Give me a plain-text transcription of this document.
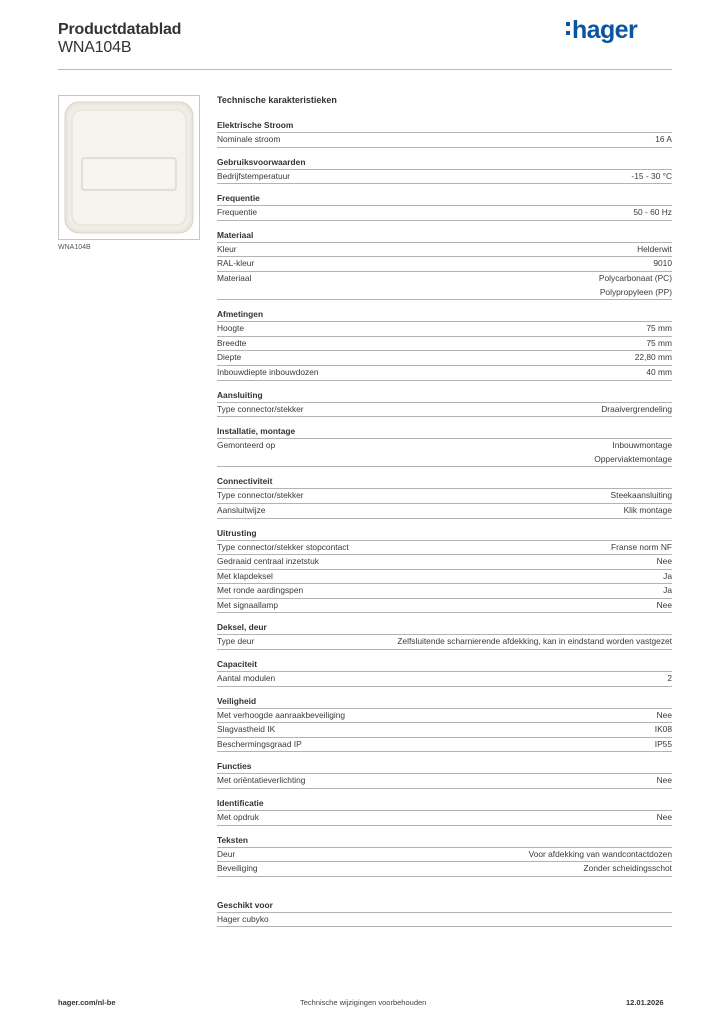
Productdatablad
WNA104B
hager
WNA104B
Technische karakteristieken
Elektrische Stroom
Nominale stroom	16 A
Gebruiksvoorwaarden
Bedrijfstemperatuur	-15 - 30 °C
Frequentie
Frequentie	50 - 60 Hz
Materiaal
Kleur	Helderwit
RAL-kleur	9010
Materiaal	Polycarbonaat (PC)
Polypropyleen (PP)
Afmetingen
Hoogte	75 mm
Breedte	75 mm
Diepte	22,80 mm
Inbouwdiepte inbouwdozen	40 mm
Aansluiting
Type connector/stekker	Draaivergrendeling
Installatie, montage
Gemonteerd op	Inbouwmontage
Opperviaktemontage
Connectiviteit
Type connector/stekker	Steekaansluiting
Aansluitwijze	Klik montage
Uitrusting
Type connector/stekker stopcontact	Franse norm NF
Gedraaid centraal inzetstuk	Nee
Met klapdeksel	Ja
Met ronde aardingspen	Ja
Met signaallamp	Nee
Deksel, deur
Type deur	Zelfsluitende scharnierende afdekking, kan in eindstand worden vastgezet
Capaciteit
Aantal modulen	2
Veiligheid
Met verhoogde aanraakbeveiliging	Nee
Slagvastheid IK	IK08
Beschermingsgraad IP	IP55
Functies
Met oriëntatieverlichting	Nee
Identificatie
Met opdruk	Nee
Teksten
Deur	Voor afdekking van wandcontactdozen
Beveiliging	Zonder scheidingsschot
Geschikt voor
Hager cubyko
hager.com/nl-be	Technische wijzigingen voorbehouden	12.01.2026
